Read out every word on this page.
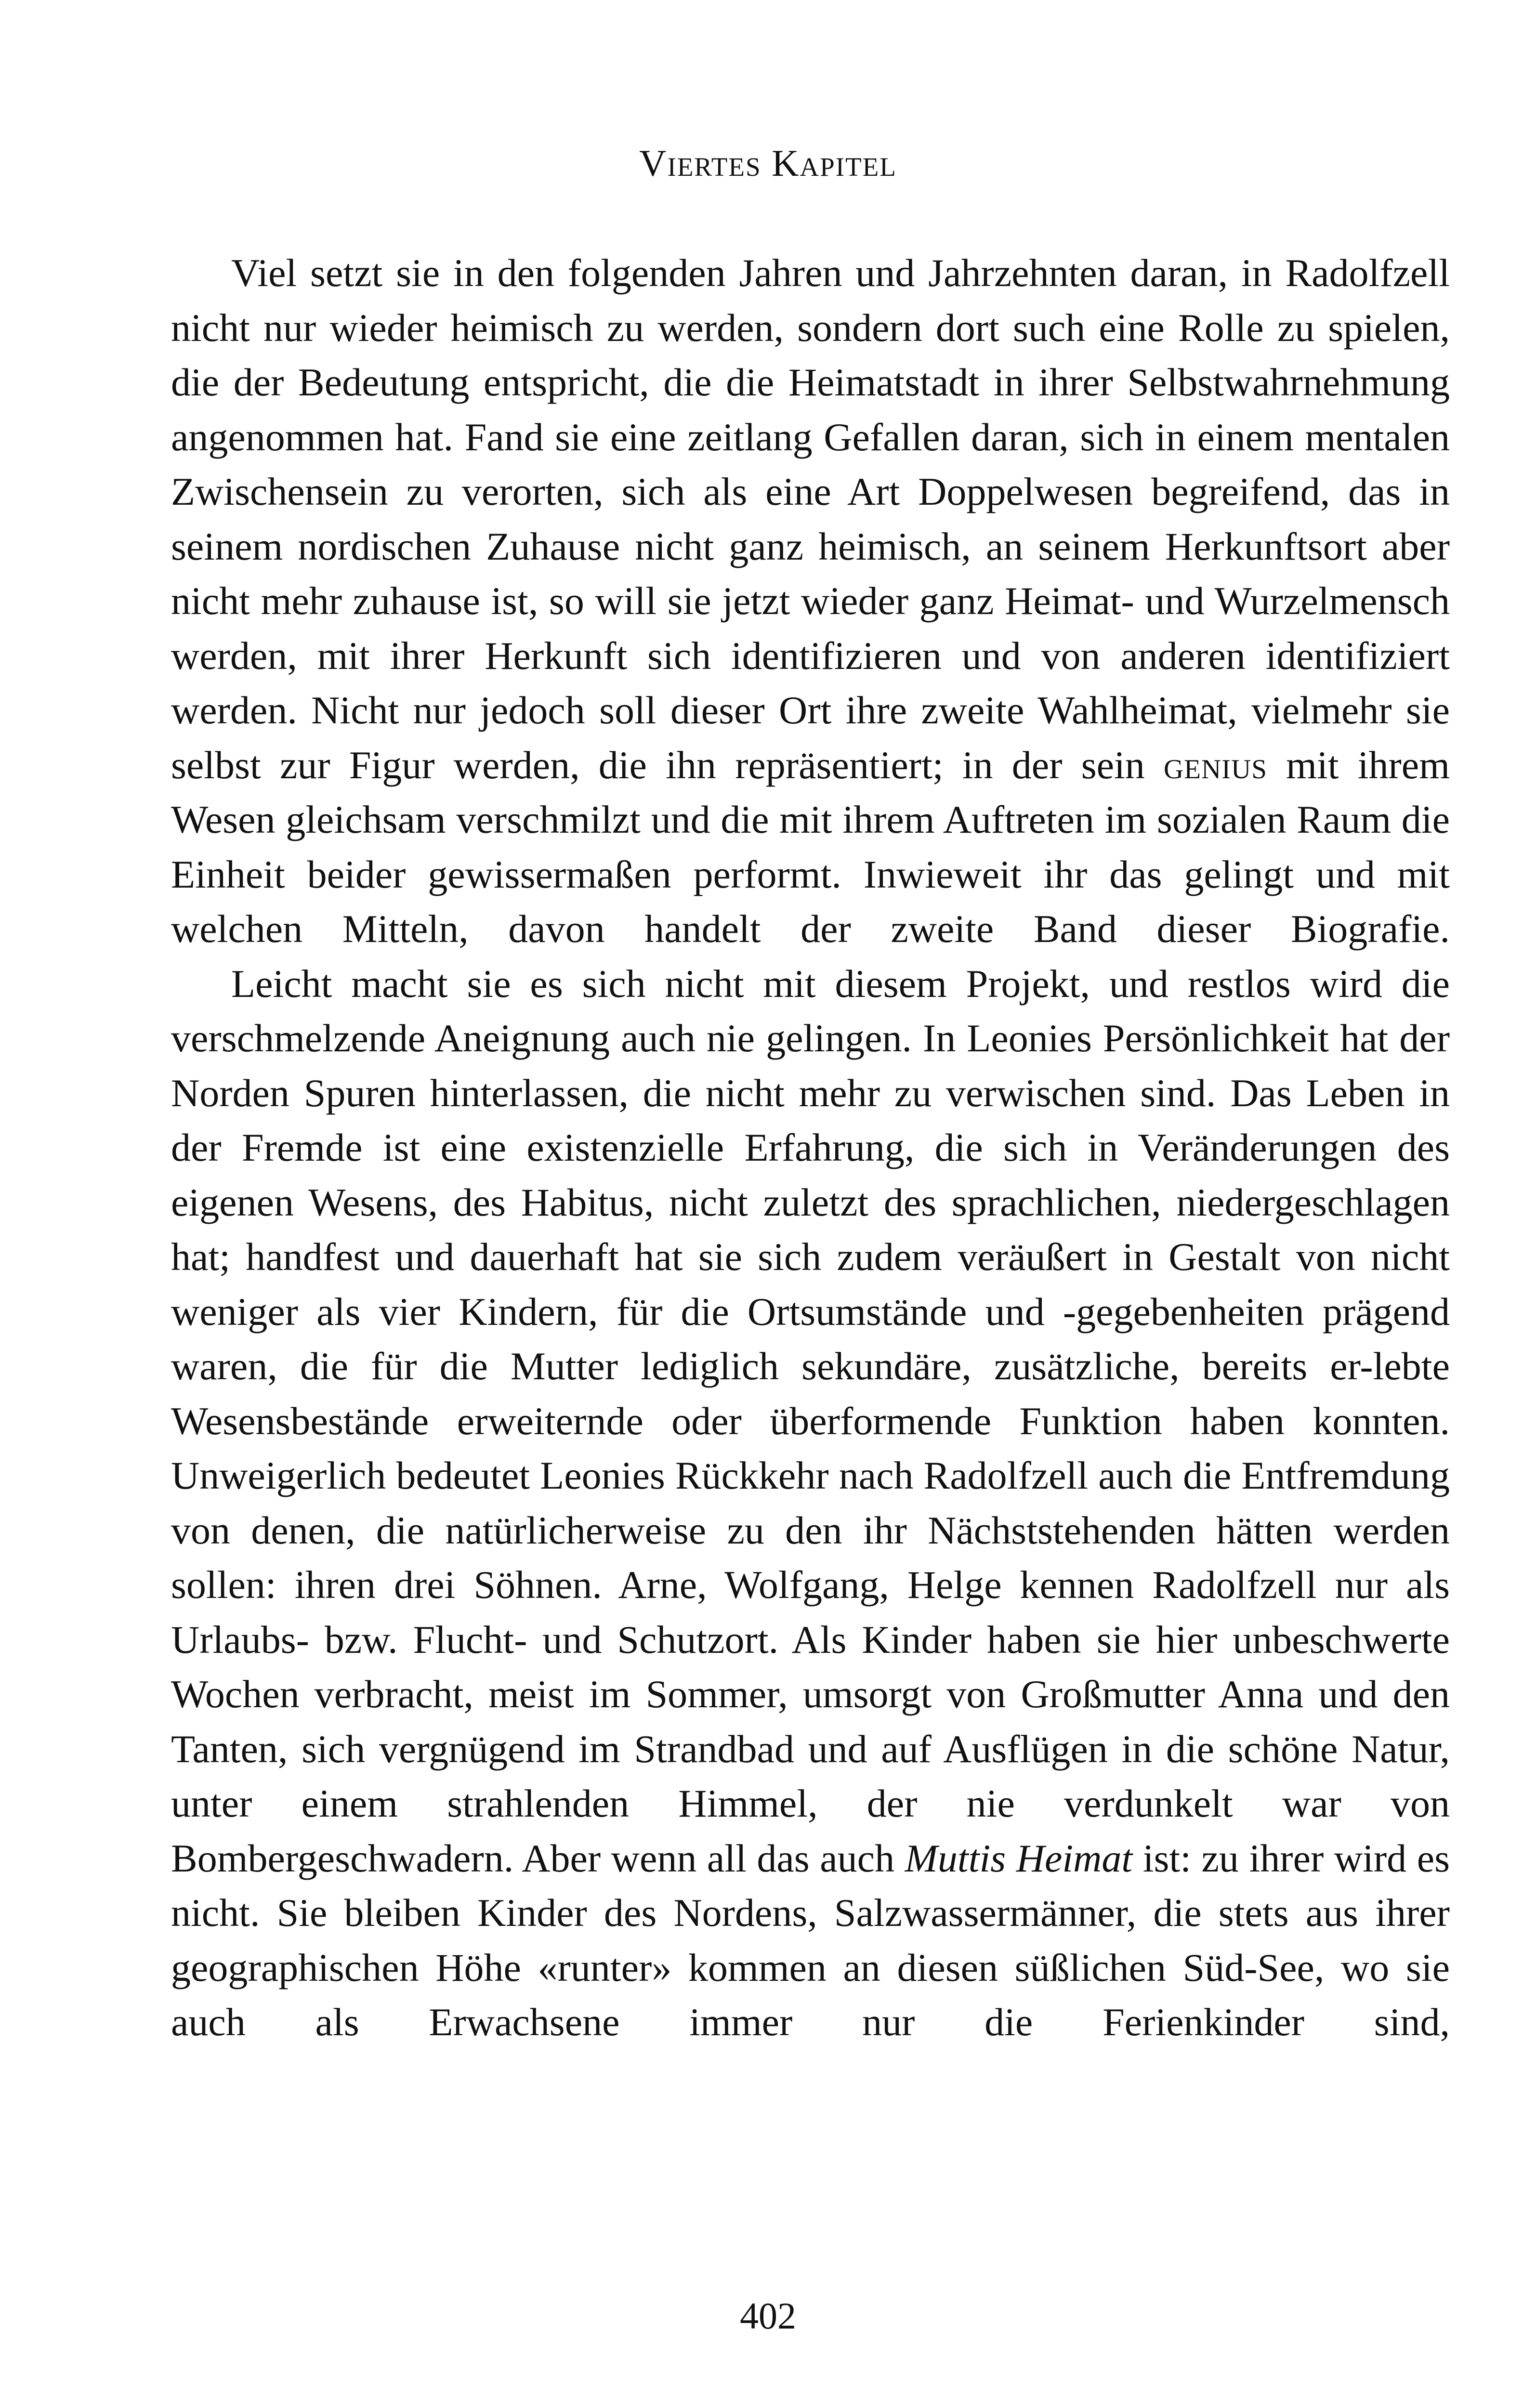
Viertes Kapitel

Viel setzt sie in den folgenden Jahren und Jahrzehnten daran, in Radolfzell nicht nur wieder heimisch zu werden, sondern dort such eine Rolle zu spielen, die der Bedeutung entspricht, die die Heimatstadt in ihrer Selbstwahrnehmung angenommen hat. Fand sie eine zeitlang Gefallen daran, sich in einem mentalen Zwischensein zu verorten, sich als eine Art Doppelwesen begreifend, das in seinem nordischen Zuhause nicht ganz heimisch, an seinem Herkunftsort aber nicht mehr zuhause ist, so will sie jetzt wieder ganz Heimat- und Wurzelmensch werden, mit ihrer Herkunft sich identifizieren und von anderen identifiziert werden. Nicht nur jedoch soll dieser Ort ihre zweite Wahlheimat, vielmehr sie selbst zur Figur werden, die ihn repräsentiert; in der sein genius mit ihrem Wesen gleichsam verschmilzt und die mit ihrem Auftreten im sozialen Raum die Einheit beider gewissermaßen performt. Inwieweit ihr das gelingt und mit welchen Mitteln, davon handelt der zweite Band dieser Biografie.

Leicht macht sie es sich nicht mit diesem Projekt, und restlos wird die verschmelzende Aneignung auch nie gelingen. In Leonies Persönlichkeit hat der Norden Spuren hinterlassen, die nicht mehr zu verwischen sind. Das Leben in der Fremde ist eine existenzielle Erfahrung, die sich in Veränderungen des eigenen Wesens, des Habitus, nicht zuletzt des sprachlichen, niedergeschlagen hat; handfest und dauerhaft hat sie sich zudem veräußert in Gestalt von nicht weniger als vier Kindern, für die Ortsumstände und -gegebenheiten prägend waren, die für die Mutter lediglich sekundäre, zusätzliche, bereits er-lebte Wesensbestände erweiternde oder überformende Funktion haben konnten. Unweigerlich bedeutet Leonies Rückkehr nach Radolfzell auch die Entfremdung von denen, die natürlicherweise zu den ihr Nächststehenden hätten werden sollen: ihren drei Söhnen. Arne, Wolfgang, Helge kennen Radolfzell nur als Urlaubs- bzw. Flucht- und Schutzort. Als Kinder haben sie hier unbeschwerte Wochen verbracht, meist im Sommer, umsorgt von Großmutter Anna und den Tanten, sich vergnügend im Strandbad und auf Ausflügen in die schöne Natur, unter einem strahlenden Himmel, der nie verdunkelt war von Bombergeschwadern. Aber wenn all das auch Muttis Heimat ist: zu ihrer wird es nicht. Sie bleiben Kinder des Nordens, Salzwassermänner, die stets aus ihrer geographischen Höhe «runter» kommen an diesen süßlichen Süd-See, wo sie auch als Erwachsene immer nur die Ferienkinder sind,

402
